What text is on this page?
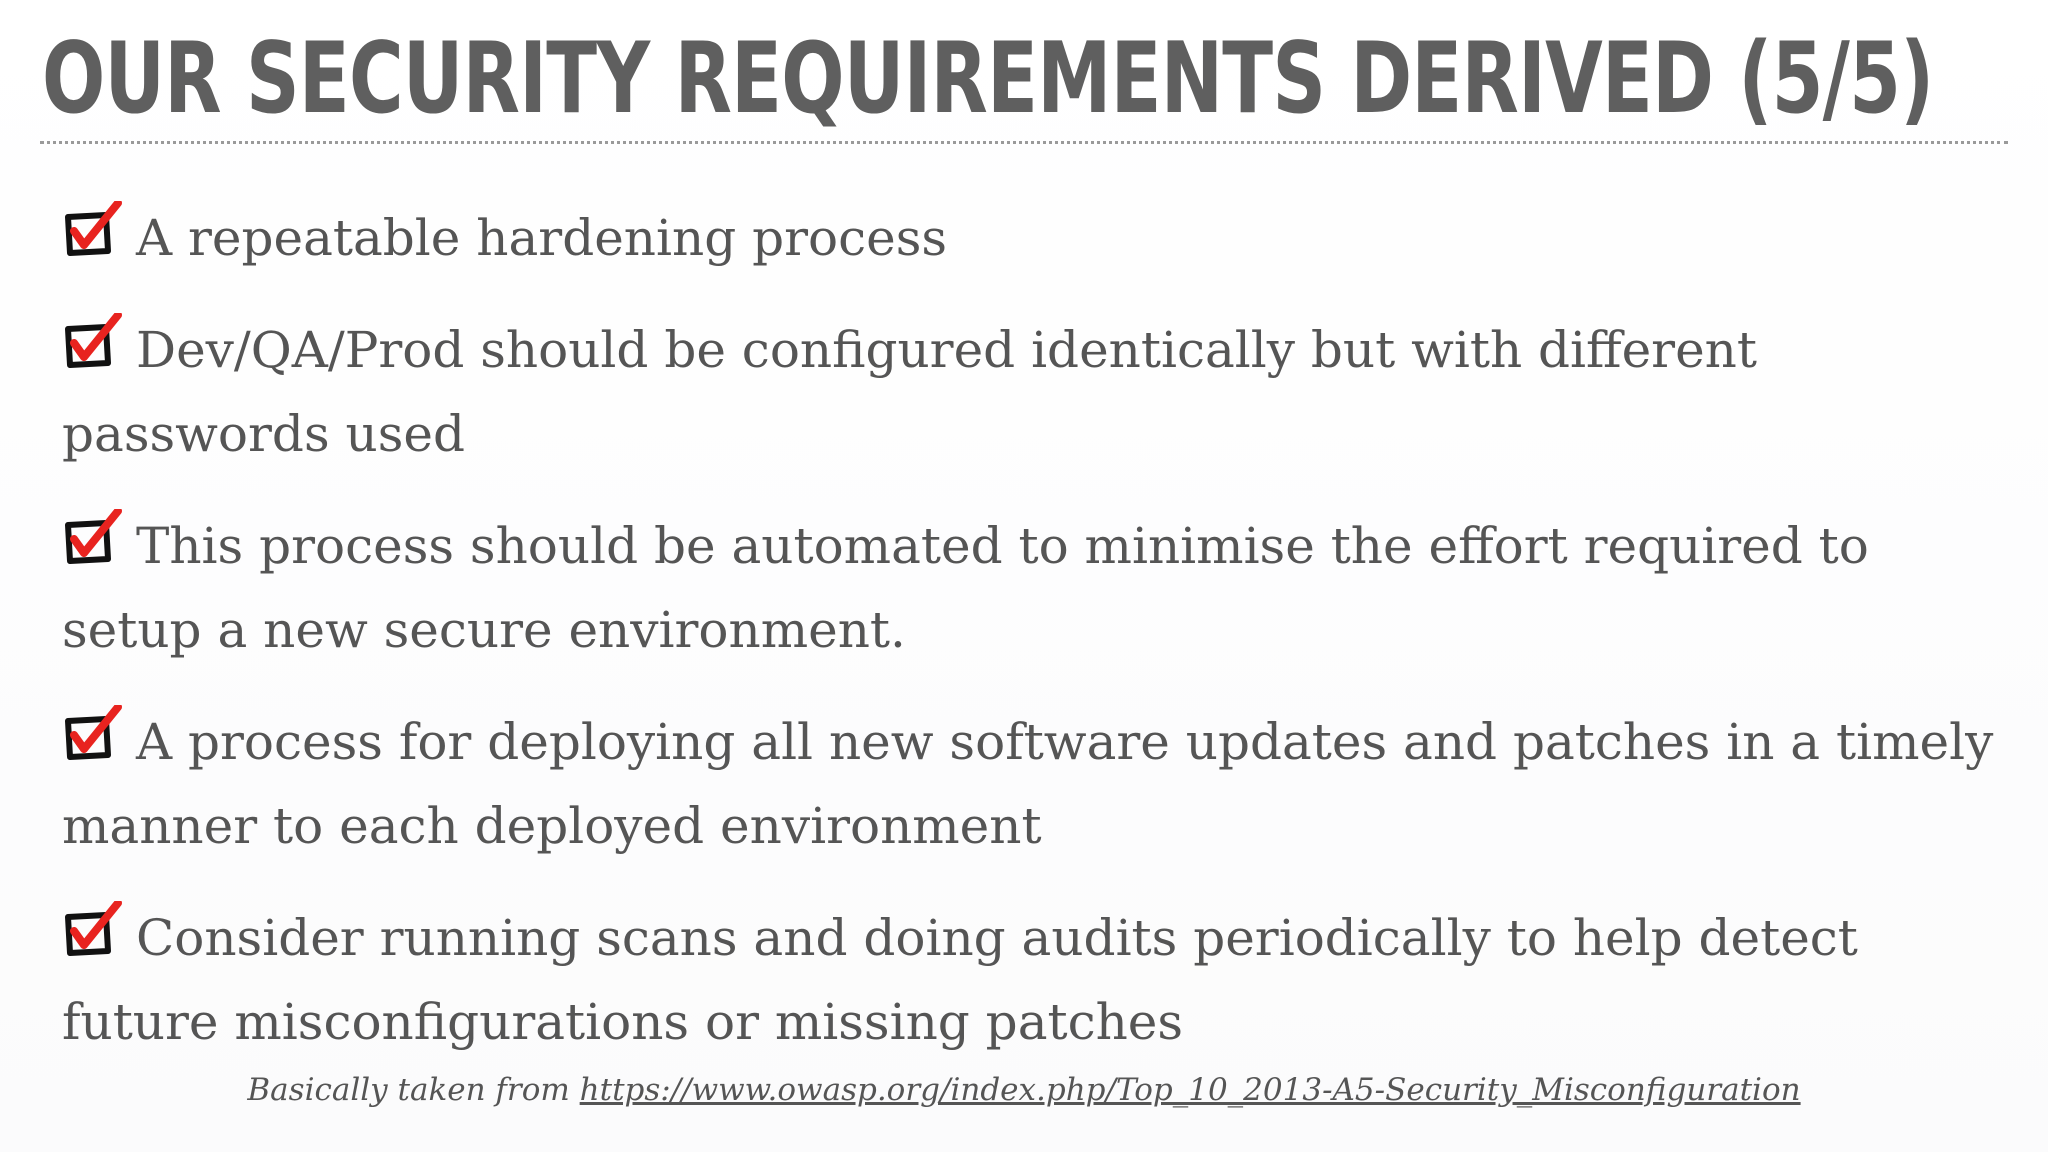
OUR SECURITY REQUIREMENTS DERIVED (5/5)
A repeatable hardening process
Dev/QA/Prod should be configured identically but with different passwords used
This process should be automated to minimise the effort required to setup a new secure environment.
A process for deploying all new software updates and patches in a timely manner to each deployed environment
Consider running scans and doing audits periodically to help detect future misconfigurations or missing patches
Basically taken from https://www.owasp.org/index.php/Top_10_2013-A5-Security_Misconfiguration
